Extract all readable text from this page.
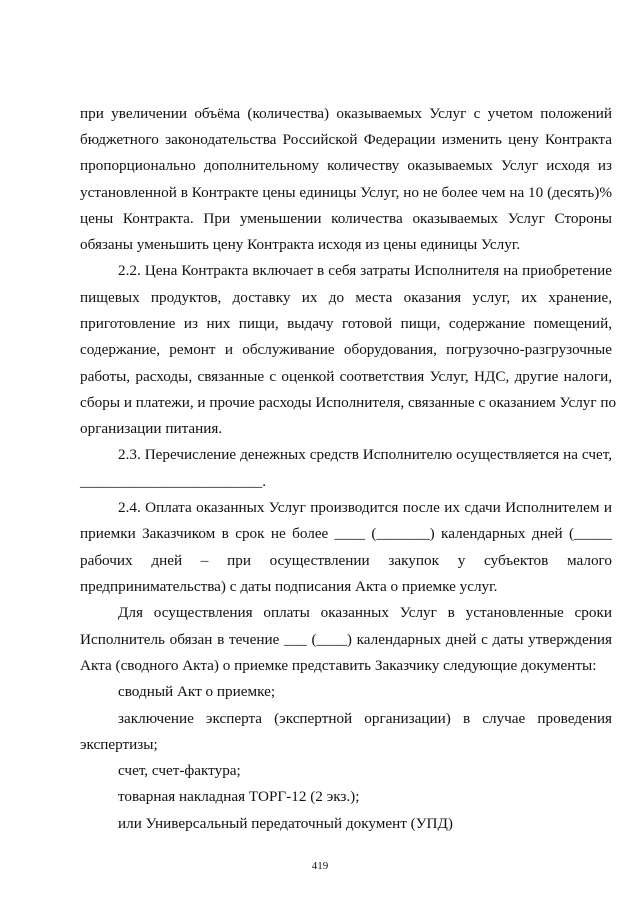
при увеличении объёма (количества) оказываемых Услуг с учетом положений
бюджетного законодательства Российской Федерации изменить цену Контракта
пропорционально дополнительному количеству оказываемых Услуг исходя из
установленной в Контракте цены единицы Услуг, но не более чем на 10 (десять)%
цены Контракта. При уменьшении количества оказываемых Услуг Стороны
обязаны уменьшить цену Контракта исходя из цены единицы Услуг.
2.2. Цена Контракта включает в себя затраты Исполнителя на приобретение
пищевых продуктов, доставку их до места оказания услуг, их хранение,
приготовление из них пищи, выдачу готовой пищи, содержание помещений,
содержание, ремонт и обслуживание оборудования, погрузочно-разгрузочные
работы, расходы, связанные с оценкой соответствия Услуг, НДС, другие налоги,
сборы и платежи, и прочие расходы Исполнителя, связанные с оказанием Услуг по
организации питания.
2.3. Перечисление денежных средств Исполнителю осуществляется на счет,
________________________.
2.4. Оплата оказанных Услуг производится после их сдачи Исполнителем и
приемки Заказчиком в срок не более ____ (_______) календарных дней (_____
рабочих дней – при осуществлении закупок у субъектов малого
предпринимательства) с даты подписания Акта о приемке услуг.
Для осуществления оплаты оказанных Услуг в установленные сроки
Исполнитель обязан в течение ___ (____) календарных дней с даты утверждения
Акта (сводного Акта) о приемке представить Заказчику следующие документы:
сводный Акт о приемке;
заключение эксперта (экспертной организации) в случае проведения
экспертизы;
счет, счет-фактура;
товарная накладная ТОРГ-12 (2 экз.);
или Универсальный передаточный документ (УПД)
419
